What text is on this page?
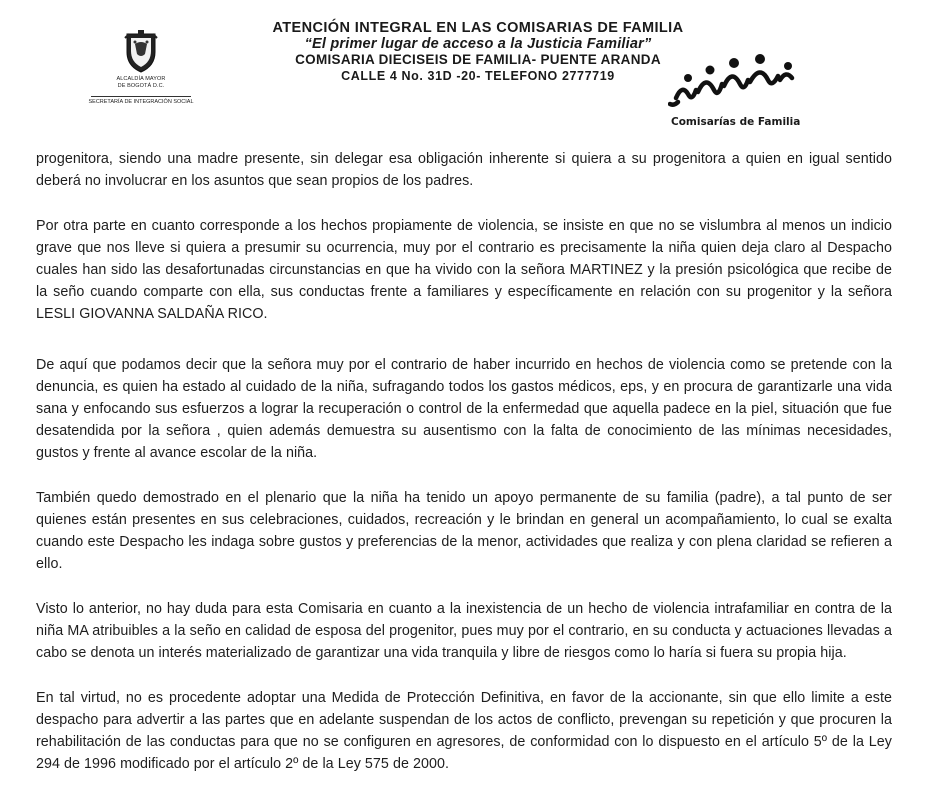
ALCALDÍA MAYOR
DE BOGOTÁ D.C.
SECRETARÍA DE INTEGRACIÓN SOCIAL
ATENCIÓN INTEGRAL EN LAS COMISARIAS DE FAMILIA
“El primer lugar de acceso a la Justicia Familiar”
COMISARIA DIECISEIS DE FAMILIA- PUENTE ARANDA
CALLE 4 No. 31D -20- TELEFONO 2777719
Comisarías de Familia

progenitora, siendo una madre presente, sin delegar esa obligación inherente si quiera a su progenitora a quien en igual sentido deberá no involucrar en los asuntos que sean propios de los padres.

Por otra parte en cuanto corresponde a los hechos propiamente de violencia, se insiste en que no se vislumbra al menos un indicio grave que nos lleve si quiera a presumir su ocurrencia, muy por el contrario es precisamente la niña quien deja claro al Despacho cuales han sido las desafortunadas circunstancias en que ha vivido con la señora MARTINEZ y la presión psicológica que recibe de la seño cuando comparte con ella, sus conductas frente a familiares y específicamente en relación con su progenitor y la señora LESLI GIOVANNA SALDAÑA RICO.

De aquí que podamos decir que la señora muy por el contrario de haber incurrido en hechos de violencia como se pretende con la denuncia, es quien ha estado al cuidado de la niña, sufragando todos los gastos médicos, eps, y en procura de garantizarle una vida sana y enfocando sus esfuerzos a lograr la recuperación o control de la enfermedad que aquella padece en la piel, situación que fue desatendida por la señora , quien además demuestra su ausentismo con la falta de conocimiento de las mínimas necesidades, gustos y frente al avance escolar de la niña.

También quedo demostrado en el plenario que la niña ha tenido un apoyo permanente de su familia (padre), a tal punto de ser quienes están presentes en sus celebraciones, cuidados, recreación y le brindan en general un acompañamiento, lo cual se exalta cuando este Despacho les indaga sobre gustos y preferencias de la menor, actividades que realiza y con plena claridad se refieren a ello.

Visto lo anterior, no hay duda para esta Comisaria en cuanto a la inexistencia de un hecho de violencia intrafamiliar en contra de la niña MA atribuibles a la seño en calidad de esposa del progenitor, pues muy por el contrario, en su conducta y actuaciones llevadas a cabo se denota un interés materializado de garantizar una vida tranquila y libre de riesgos como lo haría si fuera su propia hija.

En tal virtud, no es procedente adoptar una Medida de Protección Definitiva, en favor de la accionante, sin que ello limite a este despacho para advertir a las partes que en adelante suspendan de los actos de conflicto, prevengan su repetición y que procuren la rehabilitación de las conductas para que no se configuren en agresores, de conformidad con lo dispuesto en el artículo 5º de la Ley 294 de 1996 modificado por el artículo 2º de la Ley 575 de 2000.
